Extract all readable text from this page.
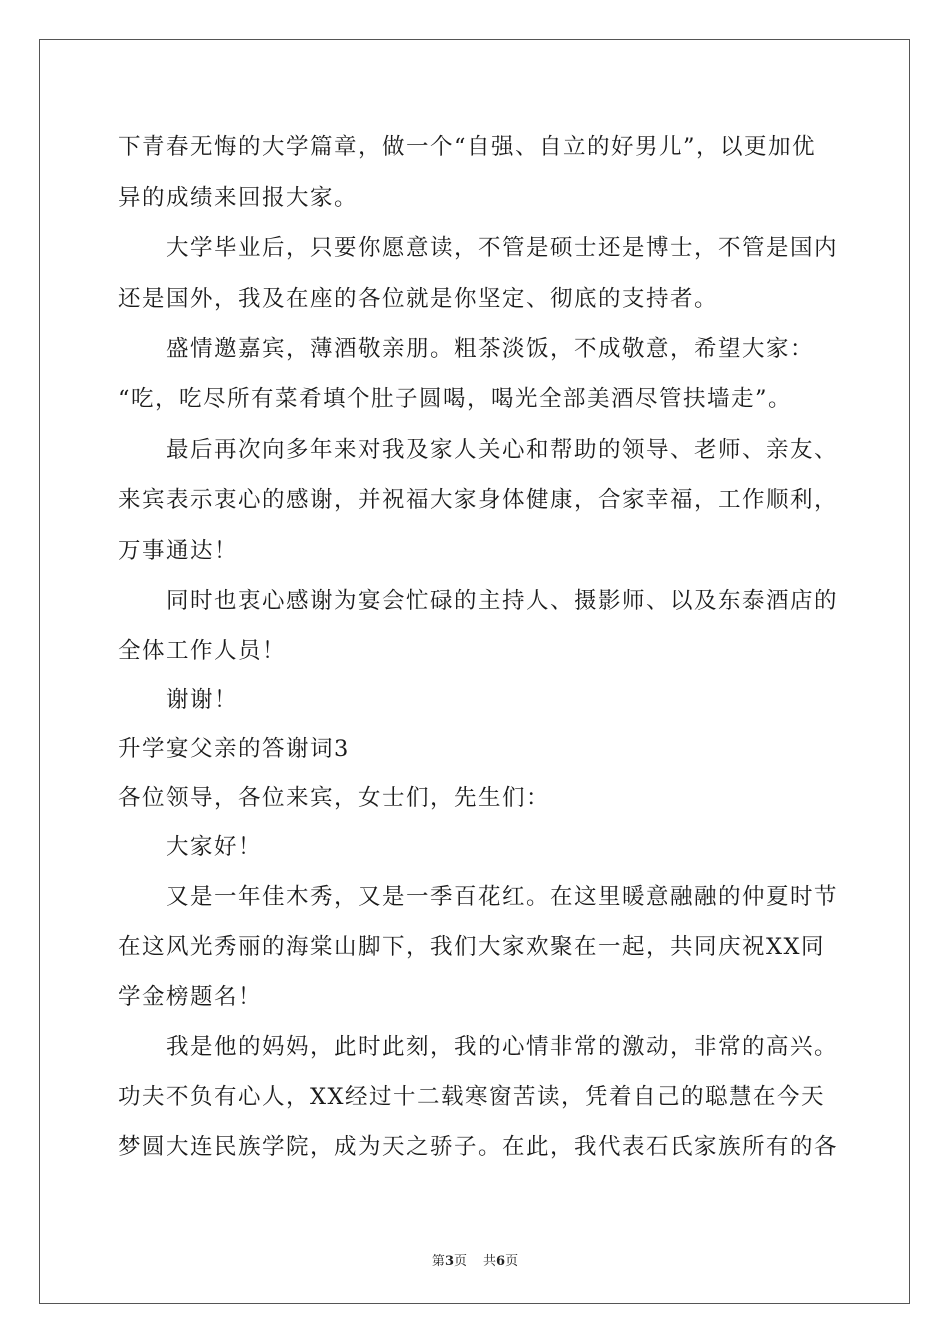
下青春无悔的大学篇章，做一个“自强、自立的好男儿”，以更加优
异的成绩来回报大家。
大学毕业后，只要你愿意读，不管是硕士还是博士，不管是国内
还是国外，我及在座的各位就是你坚定、彻底的支持者。
盛情邀嘉宾，薄酒敬亲朋。粗茶淡饭，不成敬意，希望大家：
“吃，吃尽所有菜肴填个肚子圆喝，喝光全部美酒尽管扶墙走”。
最后再次向多年来对我及家人关心和帮助的领导、老师、亲友、
来宾表示衷心的感谢，并祝福大家身体健康，合家幸福，工作顺利，
万事通达！
同时也衷心感谢为宴会忙碌的主持人、摄影师、以及东泰酒店的
全体工作人员！
谢谢！
升学宴父亲的答谢词3
各位领导，各位来宾，女士们，先生们：
大家好！
又是一年佳木秀，又是一季百花红。在这里暖意融融的仲夏时节
在这风光秀丽的海棠山脚下，我们大家欢聚在一起，共同庆祝XX同
学金榜题名！
我是他的妈妈，此时此刻，我的心情非常的激动，非常的高兴。
功夫不负有心人，XX经过十二载寒窗苦读，凭着自己的聪慧在今天
梦圆大连民族学院，成为天之骄子。在此，我代表石氏家族所有的各
第3页 共6页
